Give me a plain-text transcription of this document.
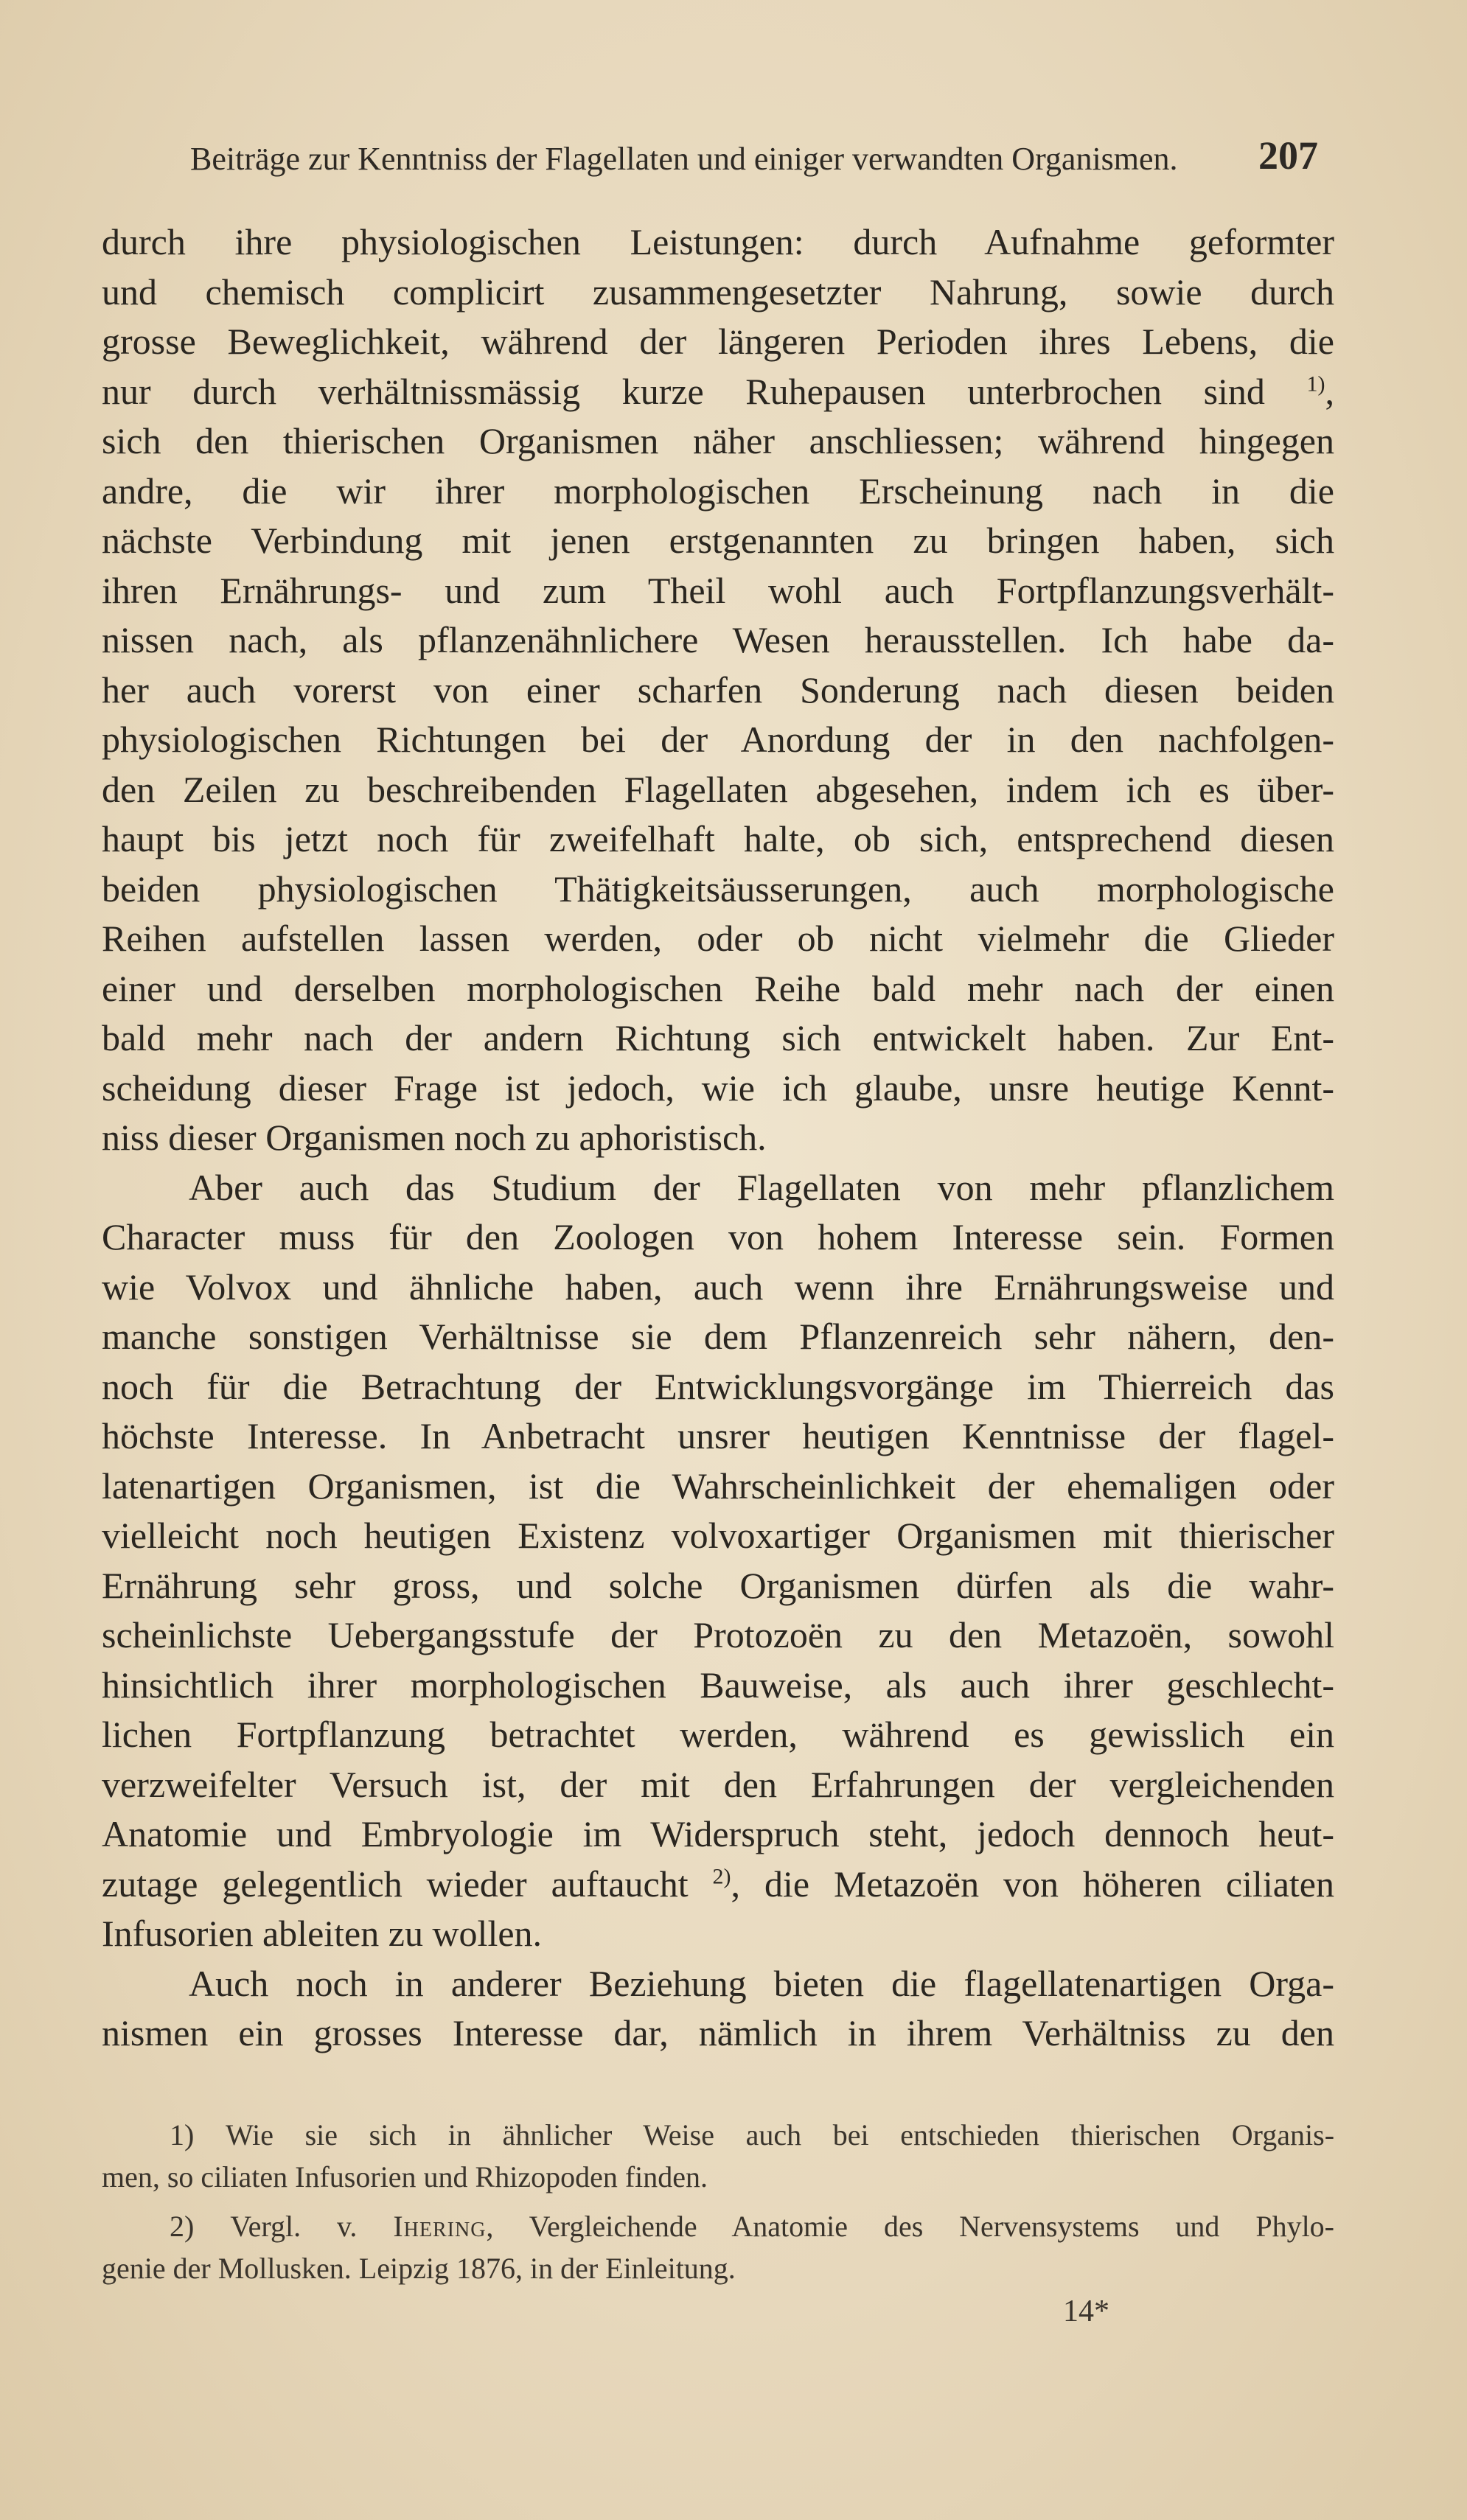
Beiträge zur Kenntniss der Flagellaten und einiger verwandten Organismen. 207
durch ihre physiologischen Leistungen: durch Aufnahme geformter
und chemisch complicirt zusammengesetzter Nahrung, sowie durch
grosse Beweglichkeit, während der längeren Perioden ihres Lebens, die
nur durch verhältnissmässig kurze Ruhepausen unterbrochen sind $^{1)}$,
sich den thierischen Organismen näher anschliessen; während hingegen
andre, die wir ihrer morphologischen Erscheinung nach in die
nächste Verbindung mit jenen erstgenannten zu bringen haben, sich
ihren Ernährungs- und zum Theil wohl auch Fortpflanzungsverhält-
nissen nach, als pflanzenähnlichere Wesen herausstellen. Ich habe da-
her auch vorerst von einer scharfen Sonderung nach diesen beiden
physiologischen Richtungen bei der Anordung der in den nachfolgen-
den Zeilen zu beschreibenden Flagellaten abgesehen, indem ich es über-
haupt bis jetzt noch für zweifelhaft halte, ob sich, entsprechend diesen
beiden physiologischen Thätigkeitsäusserungen, auch morphologische
Reihen aufstellen lassen werden, oder ob nicht vielmehr die Glieder
einer und derselben morphologischen Reihe bald mehr nach der einen
bald mehr nach der andern Richtung sich entwickelt haben. Zur Ent-
scheidung dieser Frage ist jedoch, wie ich glaube, unsre heutige Kennt-
niss dieser Organismen noch zu aphoristisch.
Aber auch das Studium der Flagellaten von mehr pflanzlichem
Character muss für den Zoologen von hohem Interesse sein. Formen
wie Volvox und ähnliche haben, auch wenn ihre Ernährungsweise und
manche sonstigen Verhältnisse sie dem Pflanzenreich sehr nähern, den-
noch für die Betrachtung der Entwicklungsvorgänge im Thierreich das
höchste Interesse. In Anbetracht unsrer heutigen Kenntnisse der flagel-
latenartigen Organismen, ist die Wahrscheinlichkeit der ehemaligen oder
vielleicht noch heutigen Existenz volvoxartiger Organismen mit thierischer
Ernährung sehr gross, und solche Organismen dürfen als die wahr-
scheinlichste Uebergangsstufe der Protozoën zu den Metazoën, sowohl
hinsichtlich ihrer morphologischen Bauweise, als auch ihrer geschlecht-
lichen Fortpflanzung betrachtet werden, während es gewisslich ein
verzweifelter Versuch ist, der mit den Erfahrungen der vergleichenden
Anatomie und Embryologie im Widerspruch steht, jedoch dennoch heut-
zutage gelegentlich wieder auftaucht $^{2)}$, die Metazoën von höheren ciliaten
Infusorien ableiten zu wollen.
Auch noch in anderer Beziehung bieten die flagellatenartigen Orga-
nismen ein grosses Interesse dar, nämlich in ihrem Verhältniss zu den
1) Wie sie sich in ähnlicher Weise auch bei entschieden thierischen Organis-
men, so ciliaten Infusorien und Rhizopoden finden.
2) Vergl. v. Ihering, Vergleichende Anatomie des Nervensystems und Phylo-
genie der Mollusken. Leipzig 1876, in der Einleitung.
14*
